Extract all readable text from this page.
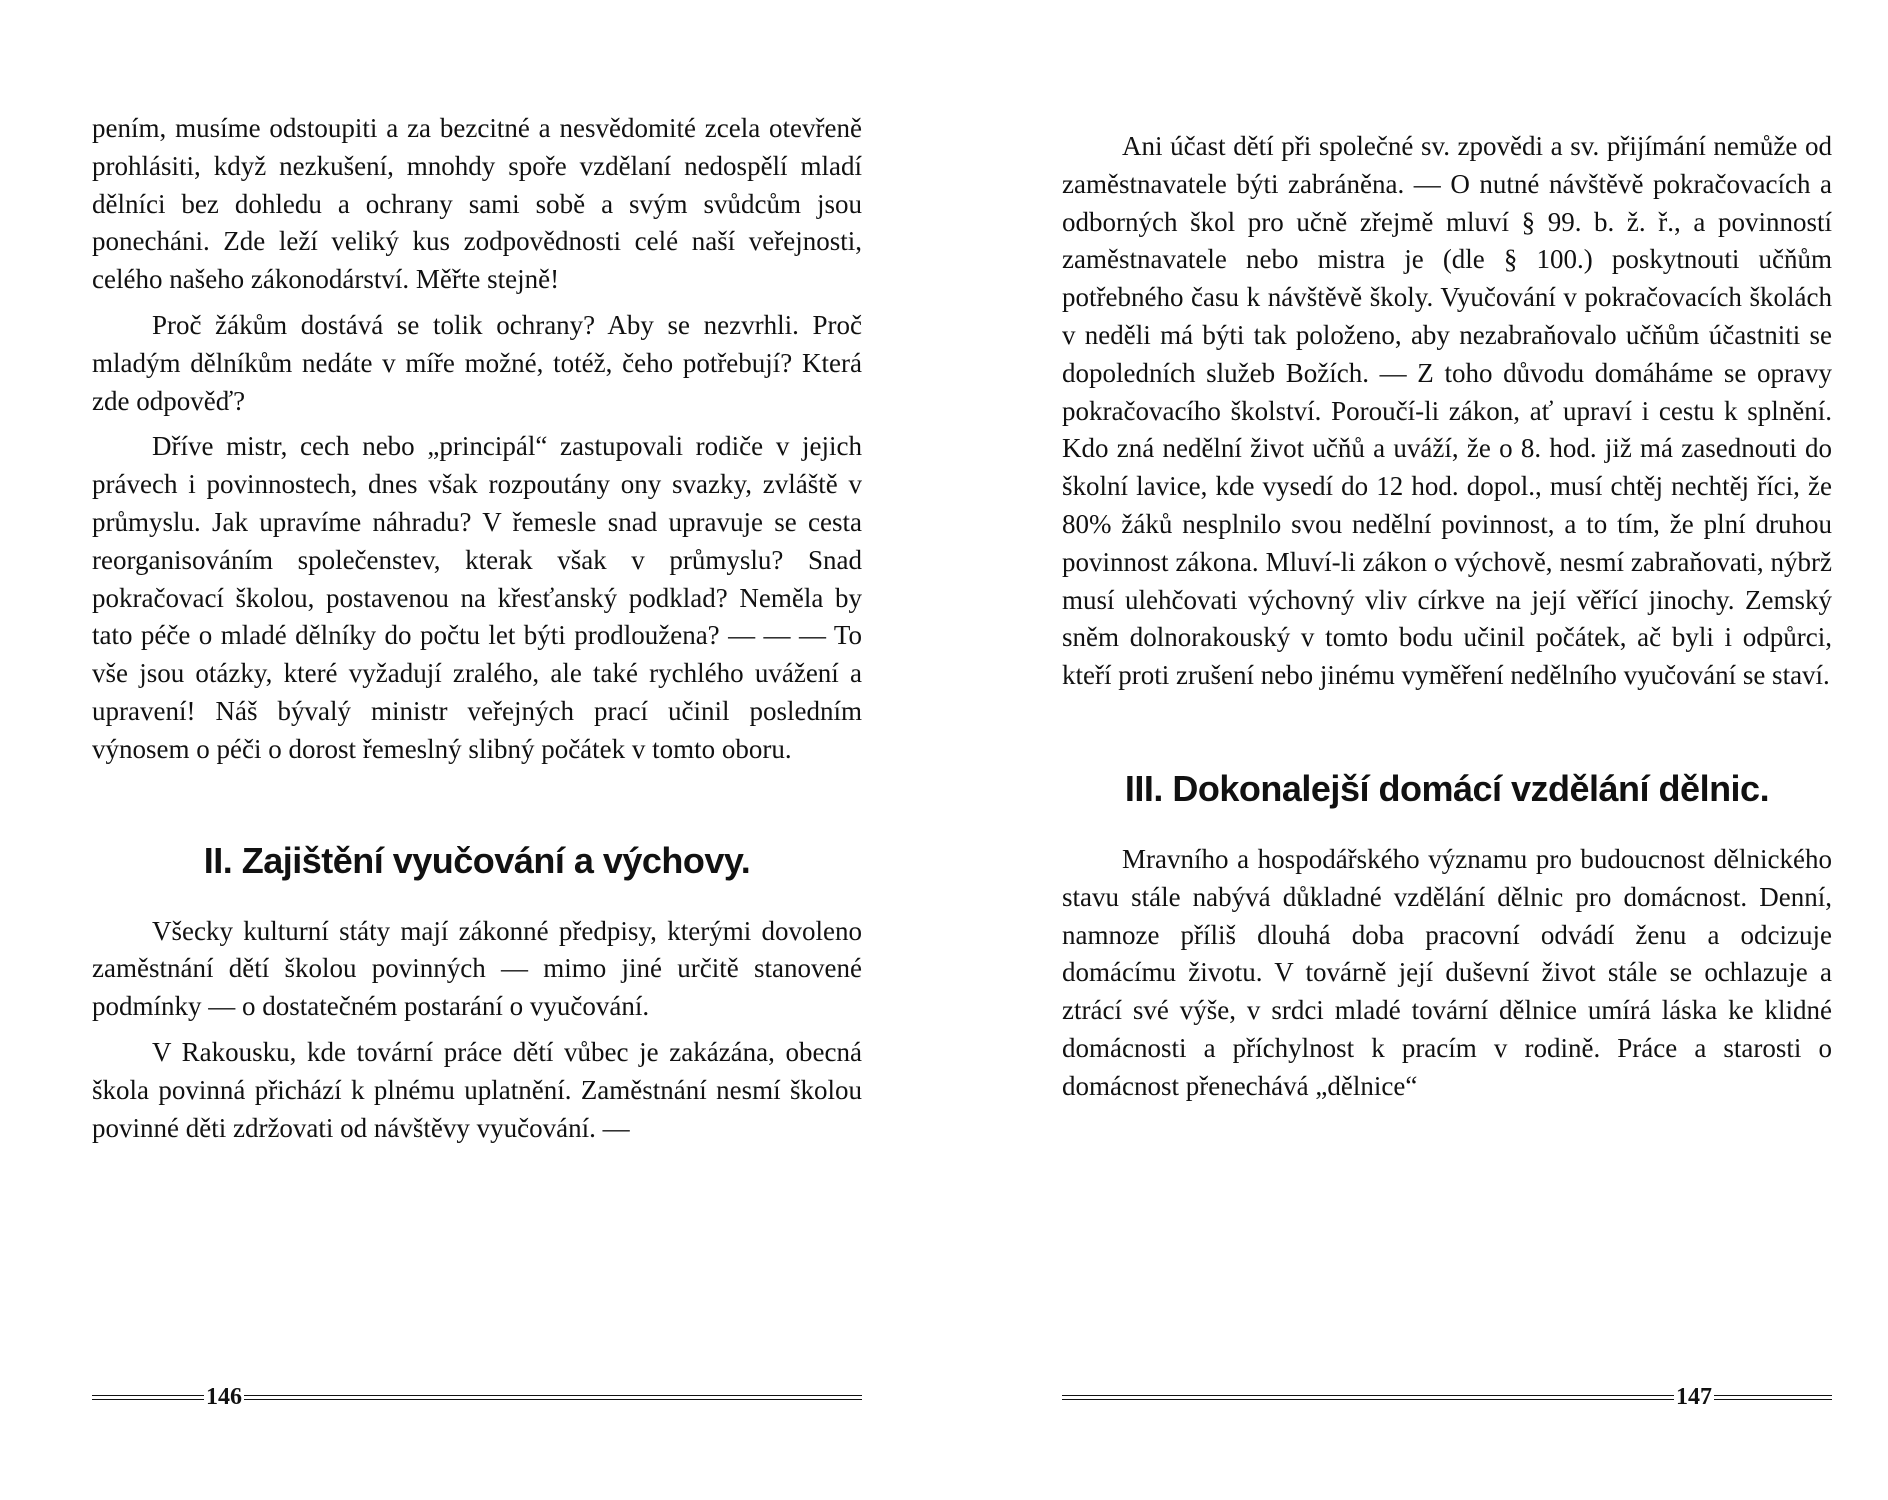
pením, musíme odstoupiti a za bezcitné a nesvědomité zcela otevřeně prohlásiti, když nezkušení, mnohdy spoře vzdělaní nedospělí mladí dělníci bez dohledu a ochrany sami sobě a svým svůdcům jsou ponecháni. Zde leží veliký kus zodpovědnosti celé naší veřejnosti, celého našeho zákonodárství. Měřte stejně!

Proč žákům dostává se tolik ochrany? Aby se nezvrhli. Proč mladým dělníkům nedáte v míře možné, totéž, čeho potřebují? Která zde odpověď?

Dříve mistr, cech nebo „principál“ zastupovali rodiče v jejich právech i povinnostech, dnes však rozpoutány ony svazky, zvláště v průmyslu. Jak upravíme náhradu? V řemesle snad upravuje se cesta reorganisováním společenstev, kterak však v průmyslu? Snad pokračovací školou, postavenou na křesťanský podklad? Neměla by tato péče o mladé dělníky do počtu let býti prodloužena? — — — To vše jsou otázky, které vyžadují zralého, ale také rychlého uvážení a upravení! Náš bývalý ministr veřejných prací učinil posledním výnosem o péči o dorost řemeslný slibný počátek v tomto oboru.

II. Zajištění vyučování a výchovy.

Všecky kulturní státy mají zákonné předpisy, kterými dovoleno zaměstnání dětí školou povinných — mimo jiné určitě stanovené podmínky — o dostatečném postarání o vyučování.

V Rakousku, kde tovární práce dětí vůbec je zakázána, obecná škola povinná přichází k plnému uplatnění. Zaměstnání nesmí školou povinné děti zdržovati od návštěvy vyučování. —

146

Ani účast dětí při společné sv. zpovědi a sv. přijímání nemůže od zaměstnavatele býti zabráněna. — O nutné návštěvě pokračovacích a odborných škol pro učně zřejmě mluví § 99. b. ž. ř., a povinností zaměstnavatele nebo mistra je (dle § 100.) poskytnouti učňům potřebného času k návštěvě školy. Vyučování v pokračovacích školách v neděli má býti tak položeno, aby nezabraňovalo učňům účastniti se dopoledních služeb Božích. — Z toho důvodu domáháme se opravy pokračovacího školství. Poroučí-li zákon, ať upraví i cestu k splnění. Kdo zná nedělní život učňů a uváží, že o 8. hod. již má zasednouti do školní lavice, kde vysedí do 12 hod. dopol., musí chtěj nechtěj říci, že 80% žáků nesplnilo svou nedělní povinnost, a to tím, že plní druhou povinnost zákona. Mluví-li zákon o výchově, nesmí zabraňovati, nýbrž musí ulehčovati výchovný vliv církve na její věřící jinochy. Zemský sněm dolnorakouský v tomto bodu učinil počátek, ač byli i odpůrci, kteří proti zrušení nebo jinému vyměření nedělního vyučování se staví.

III. Dokonalejší domácí vzdělání dělnic.

Mravního a hospodářského významu pro budoucnost dělnického stavu stále nabývá důkladné vzdělání dělnic pro domácnost. Denní, namnoze příliš dlouhá doba pracovní odvádí ženu a odcizuje domácímu životu. V továrně její duševní život stále se ochlazuje a ztrácí své výše, v srdci mladé tovární dělnice umírá láska ke klidné domácnosti a příchylnost k pracím v rodině. Práce a starosti o domácnost přenechává „dělnice“

147
